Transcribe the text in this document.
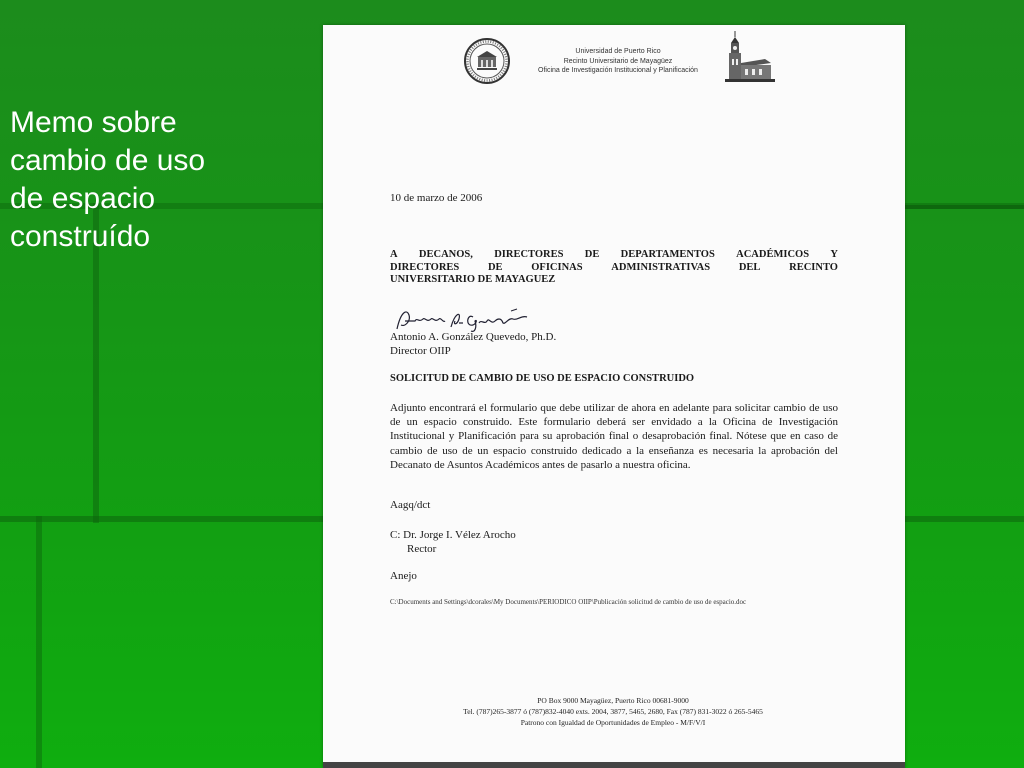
Memo sobre
cambio de uso
de espacio
construído
Universidad de Puerto Rico
Recinto Universitario de Mayagüez
Oficina de Investigación Institucional y Planificación
10 de marzo de 2006
A DECANOS, DIRECTORES DE DEPARTAMENTOS ACADÉMICOS Y
DIRECTORES	DE	OFICINAS	ADMINISTRATIVAS	DEL	RECINTO
UNIVERSITARIO DE MAYAGUEZ
Antonio A. González Quevedo, Ph.D.
Director OIIP
SOLICITUD DE CAMBIO DE USO DE ESPACIO CONSTRUIDO
Adjunto encontrará el formulario que debe utilizar de ahora en adelante para solicitar cambio de uso de un espacio construido. Este formulario deberá ser envidado a la Oficina de Investigación Institucional y Planificación para su aprobación final o desaprobación final. Nótese que en caso de cambio de uso de un espacio construido dedicado a la enseñanza es necesaria la aprobación del Decanato de Asuntos Académicos antes de pasarlo a nuestra oficina.
Aagq/dct
C: Dr. Jorge I. Vélez Arocho
Rector
Anejo
C:\Documents and Settings\dcorales\My Documents\PERIODICO OIIP\Publicación solicitud de cambio de uso de espacio.doc
PO Box 9000 Mayagüez, Puerto Rico 00681-9000
Tel. (787)265-3877 ó (787)832-4040 exts. 2004, 3877, 5465, 2680, Fax (787) 831-3022 ó 265-5465
Patrono con Igualdad de Oportunidades de Empleo - M/F/V/I
